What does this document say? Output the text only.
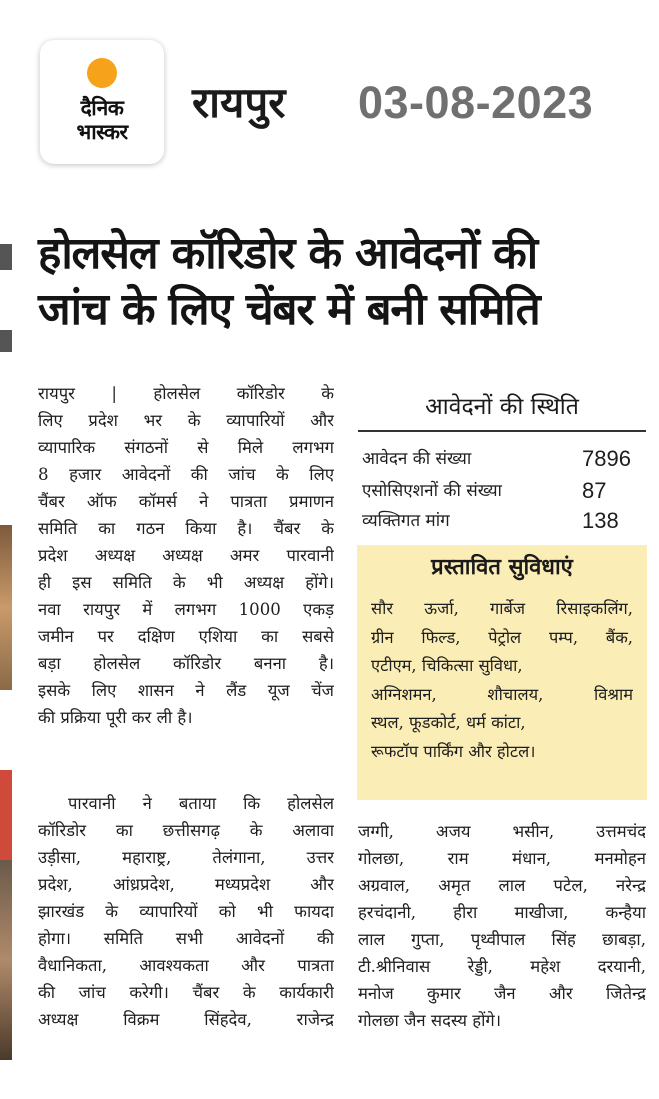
दैनिक
भास्कर
रायपुर 03-08-2023
होलसेल कॉरिडोर के आवेदनों की
जांच के लिए चेंबर में बनी समिति
रायपुर | होलसेल कॉरिडोर के
लिए प्रदेश भर के व्यापारियों और
व्यापारिक संगठनों से मिले लगभग
8 हजार आवेदनों की जांच के लिए
चैंबर ऑफ कॉमर्स ने पात्रता प्रमाणन
समिति का गठन किया है। चैंबर के
प्रदेश अध्यक्ष अध्यक्ष अमर पारवानी
ही इस समिति के भी अध्यक्ष होंगे।
नवा रायपुर में लगभग 1000 एकड़
जमीन पर दक्षिण एशिया का सबसे
बड़ा होलसेल कॉरिडोर बनना है।
इसके लिए शासन ने लैंड यूज चेंज
की प्रक्रिया पूरी कर ली है।
पारवानी ने बताया कि होलसेल
कॉरिडोर का छत्तीसगढ़ के अलावा
उड़ीसा, महाराष्ट्र, तेलंगाना, उत्तर
प्रदेश, आंध्रप्रदेश, मध्यप्रदेश और
झारखंड के व्यापारियों को भी फायदा
होगा। समिति सभी आवेदनों की
वैधानिकता, आवश्यकता और पात्रता
की जांच करेगी। चैंबर के कार्यकारी
अध्यक्ष विक्रम सिंहदेव, राजेन्द्र
आवेदनों की स्थिति
आवेदन की संख्या	7896
एसोसिएशनों की संख्या	87
व्यक्तिगत मांग	138
प्रस्तावित सुविधाएं
सौर ऊर्जा, गार्बेज रिसाइकलिंग,
ग्रीन फिल्ड, पेट्रोल पम्प, बैंक,
एटीएम, चिकित्सा सुविधा,
अग्निशमन, शौचालय, विश्राम
स्थल, फूडकोर्ट, धर्म कांटा,
रूफटॉप पार्किंग और होटल।
जग्गी, अजय भसीन, उत्तमचंद
गोलछा, राम मंधान, मनमोहन
अग्रवाल, अमृत लाल पटेल, नरेन्द्र
हरचंदानी, हीरा माखीजा, कन्हैया
लाल गुप्ता, पृथ्वीपाल सिंह छाबड़ा,
टी.श्रीनिवास रेड्डी, महेश दरयानी,
मनोज कुमार जैन और जितेन्द्र
गोलछा जैन सदस्य होंगे।
